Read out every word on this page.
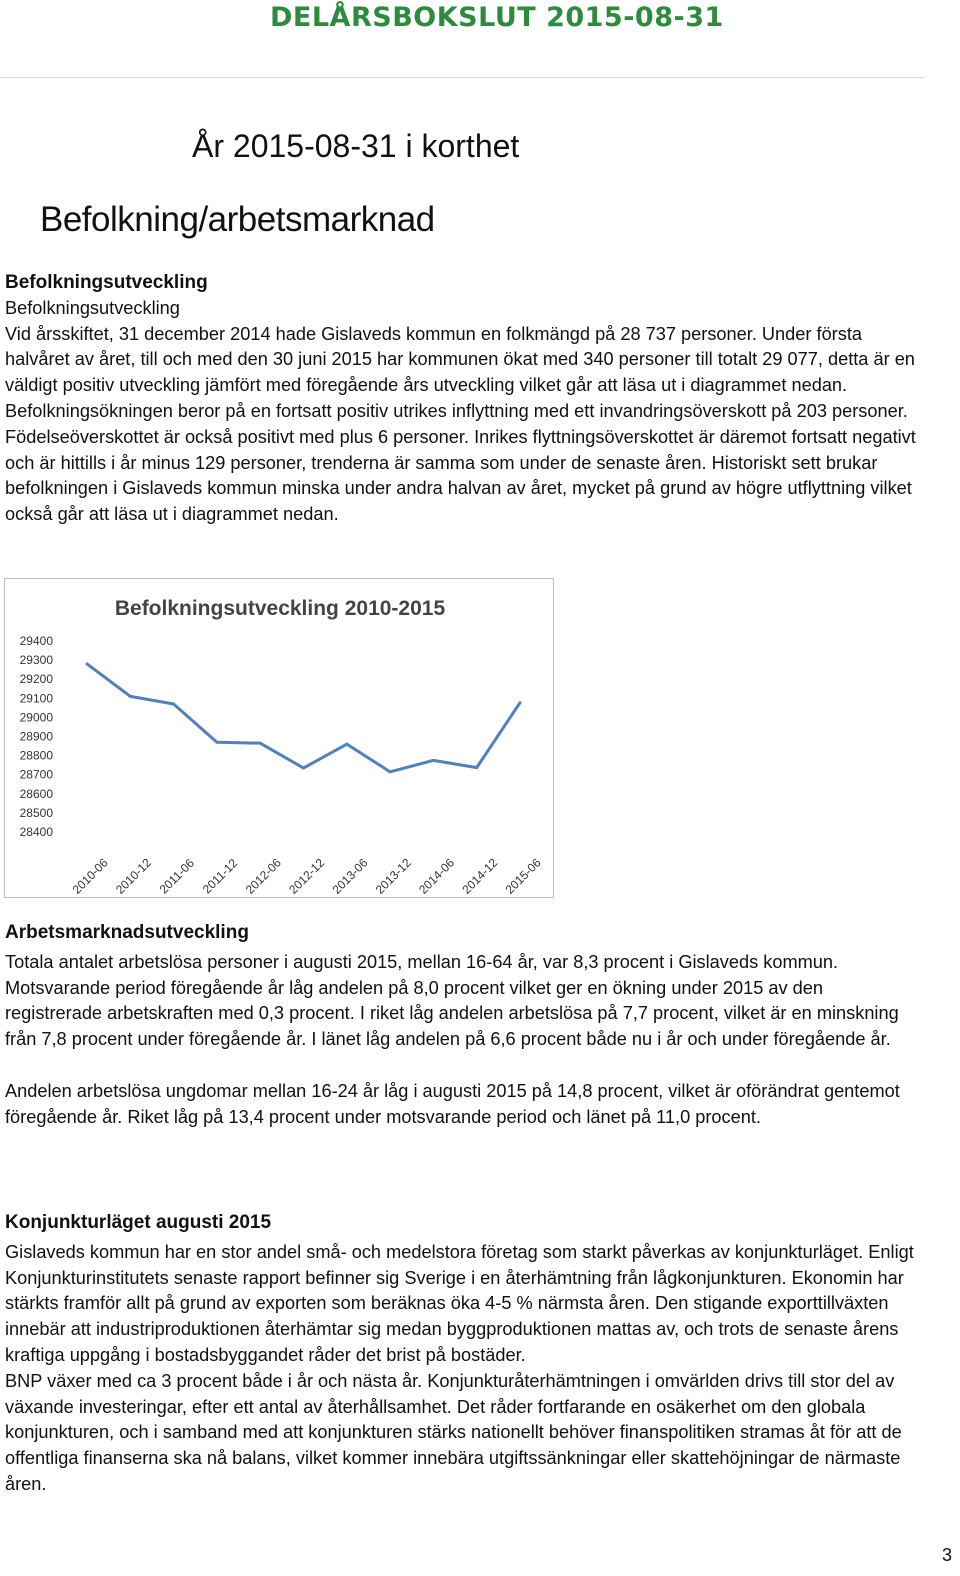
DELÅRSBOKSLUT 2015-08-31
År 2015-08-31 i korthet
Befolkning/arbetsmarknad

Befolkningsutveckling

Befolkningsutveckling

Vid årsskiftet, 31 december 2014 hade Gislaveds kommun en folkmängd på 28 737 personer. Under första halvåret av året, till och med den 30 juni 2015 har kommunen ökat med 340 personer till totalt 29 077, detta är en väldigt positiv utveckling jämfört med föregående års utveckling vilket går att läsa ut i diagrammet nedan. Befolkningsökningen beror på en fortsatt positiv utrikes inflyttning med ett invandringsöverskott på 203 personer. Födelseöverskottet är också positivt med plus 6 personer. Inrikes flyttningsöverskottet är däremot fortsatt negativt och är hittills i år minus 129 personer, trenderna är samma som under de senaste åren. Historiskt sett brukar befolkningen i Gislaveds kommun minska under andra halvan av året, mycket på grund av högre utflyttning vilket också går att läsa ut i diagrammet nedan.

Befolkningsutveckling 2010-2015
28400
28500
28600
28700
28800
28900
29000
29100
29200
29300
29400
2010-06 2010-12 2011-06 2011-12 2012-06 2012-12 2013-06 2013-12 2014-06 2014-12 2015-06

Arbetsmarknadsutveckling

Totala antalet arbetslösa personer i augusti 2015, mellan 16-64 år, var 8,3 procent i Gislaveds kommun. Motsvarande period föregående år låg andelen på 8,0 procent vilket ger en ökning under 2015 av den registrerade arbetskraften med 0,3 procent. I riket låg andelen arbetslösa på 7,7 procent, vilket är en minskning från 7,8 procent under föregående år. I länet låg andelen på 6,6 procent både nu i år och under föregående år.

Andelen arbetslösa ungdomar mellan 16-24 år låg i augusti 2015 på 14,8 procent, vilket är oförändrat gentemot föregående år. Riket låg på 13,4 procent under motsvarande period och länet på 11,0 procent.

Konjunkturläget augusti 2015

Gislaveds kommun har en stor andel små- och medelstora företag som starkt påverkas av konjunkturläget. Enligt Konjunkturinstitutets senaste rapport befinner sig Sverige i en återhämtning från lågkonjunkturen. Ekonomin har stärkts framför allt på grund av exporten som beräknas öka 4-5 % närmsta åren. Den stigande exporttillväxten innebär att industriproduktionen återhämtar sig medan byggproduktionen mattas av, och trots de senaste årens kraftiga uppgång i bostadsbyggandet råder det brist på bostäder.

BNP växer med ca 3 procent både i år och nästa år. Konjunkturåterhämtningen i omvärlden drivs till stor del av växande investeringar, efter ett antal av återhållsamhet. Det råder fortfarande en osäkerhet om den globala konjunkturen, och i samband med att konjunkturen stärks nationellt behöver finanspolitiken stramas åt för att de offentliga finanserna ska nå balans, vilket kommer innebära utgiftssänkningar eller skattehöjningar de närmaste åren.

3
